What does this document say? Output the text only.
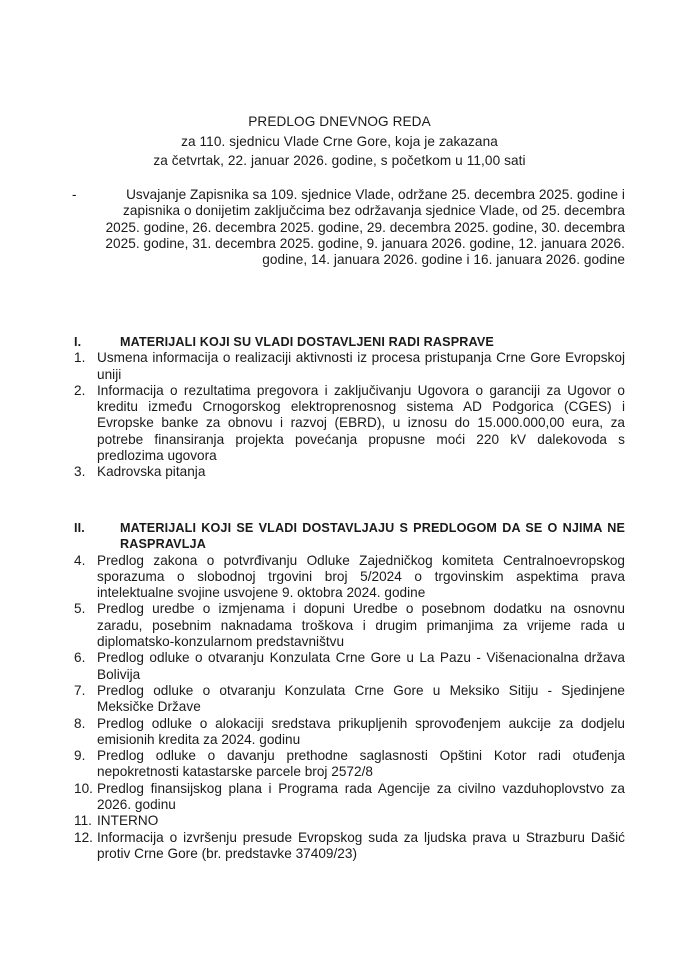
PREDLOG DNEVNOG REDA
za 110. sjednicu Vlade Crne Gore, koja je zakazana
za četvrtak, 22. januar 2026. godine, s početkom u 11,00 sati
-	Usvajanje Zapisnika sa 109. sjednice Vlade, održane 25. decembra 2025. godine i zapisnika o donijetim zaključcima bez održavanja sjednice Vlade, od 25. decembra 2025. godine, 26. decembra 2025. godine, 29. decembra 2025. godine, 30. decembra 2025. godine, 31. decembra 2025. godine, 9. januara 2026. godine, 12. januara 2026. godine, 14. januara 2026. godine i 16. januara 2026. godine
I.	MATERIJALI KOJI SU VLADI DOSTAVLJENI RADI RASPRAVE
1. Usmena informacija o realizaciji aktivnosti iz procesa pristupanja Crne Gore Evropskoj uniji
2. Informacija o rezultatima pregovora i zaključivanju Ugovora o garanciji za Ugovor o kreditu između Crnogorskog elektroprenosnog sistema AD Podgorica (CGES) i Evropske banke za obnovu i razvoj (EBRD), u iznosu do 15.000.000,00 eura, za potrebe finansiranja projekta povećanja propusne moći 220 kV dalekovoda s predlozima ugovora
3. Kadrovska pitanja
II.	MATERIJALI KOJI SE VLADI DOSTAVLJAJU S PREDLOGOM DA SE O NJIMA NE RASPRAVLJA
4. Predlog zakona o potvrđivanju Odluke Zajedničkog komiteta Centralnoevropskog sporazuma o slobodnoj trgovini broj 5/2024 o trgovinskim aspektima prava intelektualne svojine usvojene 9. oktobra 2024. godine
5. Predlog uredbe o izmjenama i dopuni Uredbe o posebnom dodatku na osnovnu zaradu, posebnim naknadama troškova i drugim primanjima za vrijeme rada u diplomatsko-konzularnom predstavništvu
6. Predlog odluke o otvaranju Konzulata Crne Gore u La Pazu - Višenacionalna država Bolivija
7. Predlog odluke o otvaranju Konzulata Crne Gore u Meksiko Sitiju - Sjedinjene Meksičke Države
8. Predlog odluke o alokaciji sredstava prikupljenih sprovođenjem aukcije za dodjelu emisionih kredita za 2024. godinu
9. Predlog odluke o davanju prethodne saglasnosti Opštini Kotor radi otuđenja nepokretnosti katastarske parcele broj 2572/8
10. Predlog finansijskog plana i Programa rada Agencije za civilno vazduhoplovstvo za 2026. godinu
11. INTERNO
12. Informacija o izvršenju presude Evropskog suda za ljudska prava u Strazburu Dašić protiv Crne Gore (br. predstavke 37409/23)
